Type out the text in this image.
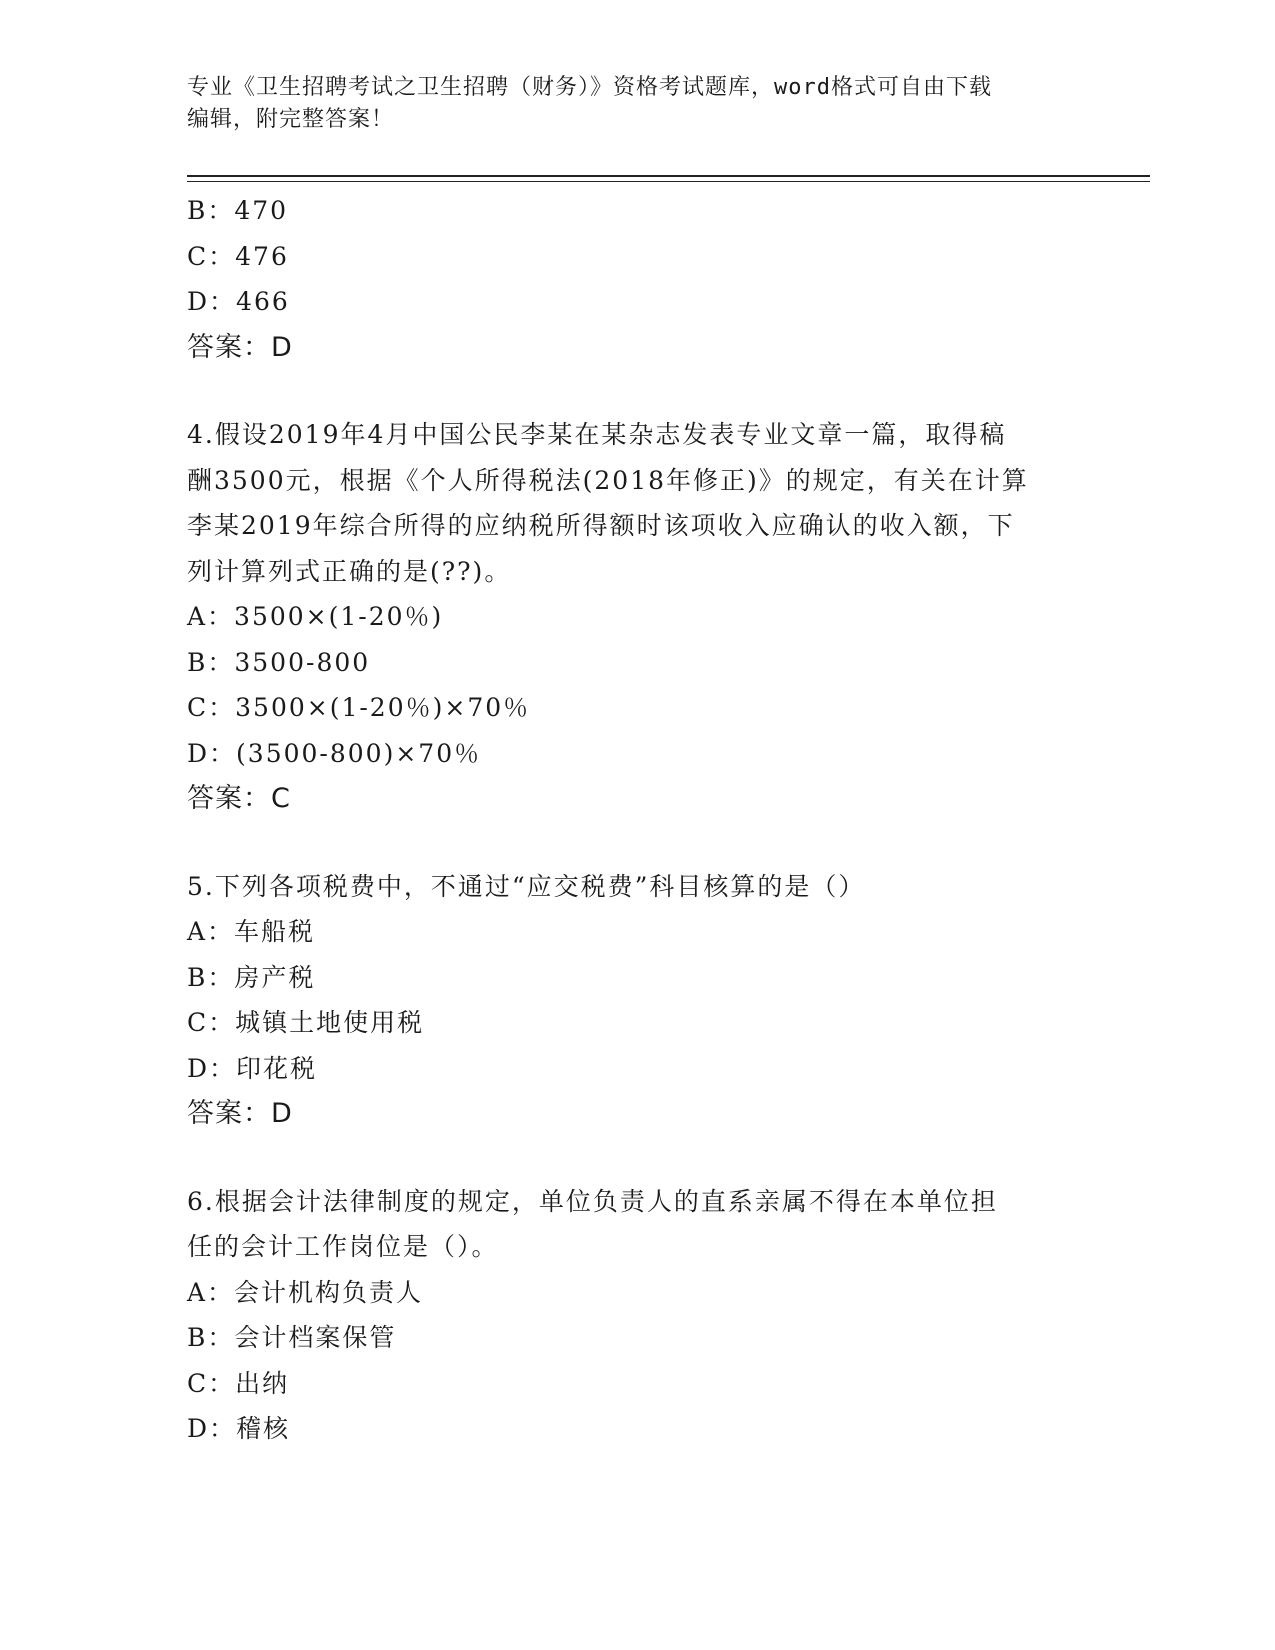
专业《卫生招聘考试之卫生招聘（财务）》资格考试题库，word格式可自由下载
编辑，附完整答案！
B：470
C：476
D：466
答案：D
4.假设2019年4月中国公民李某在某杂志发表专业文章一篇，取得稿
酬3500元，根据《个人所得税法(2018年修正)》的规定，有关在计算
李某2019年综合所得的应纳税所得额时该项收入应确认的收入额，下
列计算列式正确的是(??)。
A：3500×(1-20％)
B：3500-800
C：3500×(1-20％)×70％
D：(3500-800)×70％
答案：C
5.下列各项税费中，不通过“应交税费”科目核算的是（）
A：车船税
B：房产税
C：城镇土地使用税
D：印花税
答案：D
6.根据会计法律制度的规定，单位负责人的直系亲属不得在本单位担
任的会计工作岗位是（）。
A：会计机构负责人
B：会计档案保管
C：出纳
D：稽核
